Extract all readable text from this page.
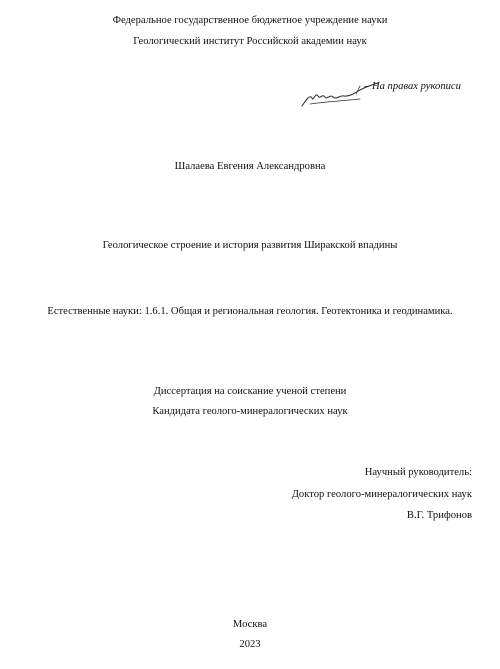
Федеральное государственное бюджетное учреждение науки
Геологический институт Российской академии наук
– На правах рукописи
Шалаева Евгения Александровна
Геологическое строение и история развития Ширакской впадины
Естественные науки: 1.6.1. Общая и региональная геология. Геотектоника и геодинамика.
Диссертация на соискание ученой степени
Кандидата геолого-минералогических наук
Научный руководитель:
Доктор геолого-минералогических наук
В.Г. Трифонов
Москва
2023
